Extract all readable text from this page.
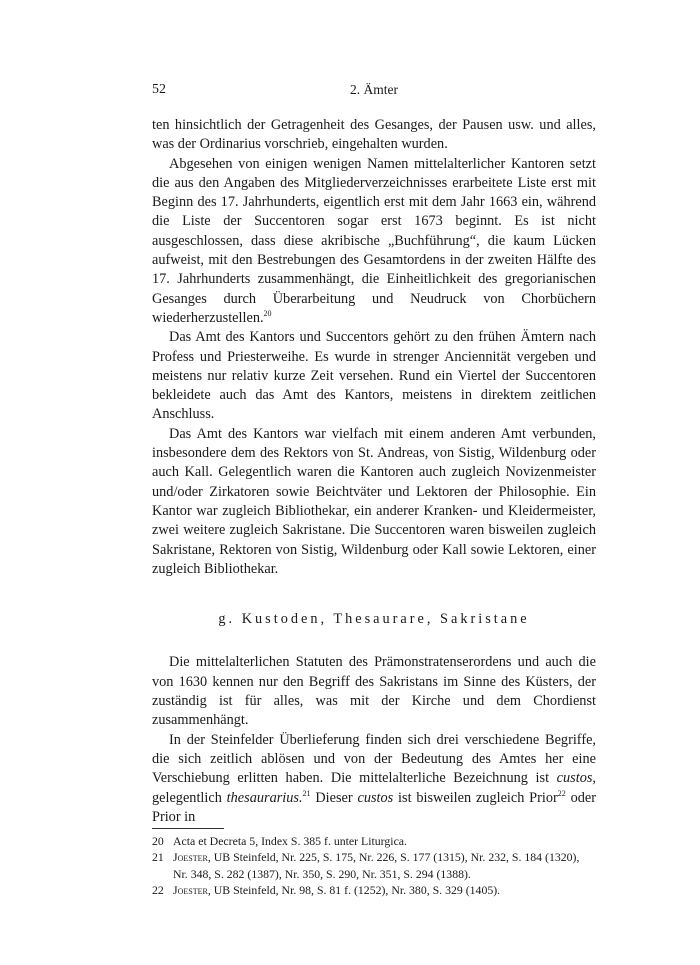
52	2. Ämter

ten hinsichtlich der Getragenheit des Gesanges, der Pausen usw. und alles, was der Ordinarius vorschrieb, eingehalten wurden.

Abgesehen von einigen wenigen Namen mittelalterlicher Kantoren setzt die aus den Angaben des Mitgliederverzeichnisses erarbeitete Liste erst mit Beginn des 17. Jahrhunderts, eigentlich erst mit dem Jahr 1663 ein, während die Liste der Succentoren sogar erst 1673 beginnt. Es ist nicht ausgeschlossen, dass diese akribische „Buchführung“, die kaum Lücken aufweist, mit den Bestrebungen des Gesamtordens in der zweiten Hälfte des 17. Jahrhunderts zusammenhängt, die Einheitlichkeit des gregorianischen Gesanges durch Überarbeitung und Neudruck von Chorbüchern wiederherzustellen.$^{20}$

Das Amt des Kantors und Succentors gehört zu den frühen Ämtern nach Profess und Priesterweihe. Es wurde in strenger Anciennität vergeben und meistens nur relativ kurze Zeit versehen. Rund ein Viertel der Succentoren bekleidete auch das Amt des Kantors, meistens in direktem zeitlichen Anschluss.

Das Amt des Kantors war vielfach mit einem anderen Amt verbunden, insbesondere dem des Rektors von St. Andreas, von Sistig, Wildenburg oder auch Kall. Gelegentlich waren die Kantoren auch zugleich Novizenmeister und/oder Zirkatoren sowie Beichtväter und Lektoren der Philosophie. Ein Kantor war zugleich Bibliothekar, ein anderer Kranken- und Kleidermeister, zwei weitere zugleich Sakristane. Die Succentoren waren bisweilen zugleich Sakristane, Rektoren von Sistig, Wildenburg oder Kall sowie Lektoren, einer zugleich Bibliothekar.

g. Kustoden, Thesaurare, Sakristane

Die mittelalterlichen Statuten des Prämonstratenserordens und auch die von 1630 kennen nur den Begriff des Sakristans im Sinne des Küsters, der zuständig ist für alles, was mit der Kirche und dem Chordienst zusammenhängt.

In der Steinfelder Überlieferung finden sich drei verschiedene Begriffe, die sich zeitlich ablösen und von der Bedeutung des Amtes her eine Verschiebung erlitten haben. Die mittelalterliche Bezeichnung ist custos, gelegentlich thesaurarius.$^{21}$ Dieser custos ist bisweilen zugleich Prior$^{22}$ oder Prior in

20 Acta et Decreta 5, Index S. 385 f. unter Liturgica.
21 Joester, UB Steinfeld, Nr. 225, S. 175, Nr. 226, S. 177 (1315), Nr. 232, S. 184 (1320), Nr. 348, S. 282 (1387), Nr. 350, S. 290, Nr. 351, S. 294 (1388).
22 Joester, UB Steinfeld, Nr. 98, S. 81 f. (1252), Nr. 380, S. 329 (1405).
